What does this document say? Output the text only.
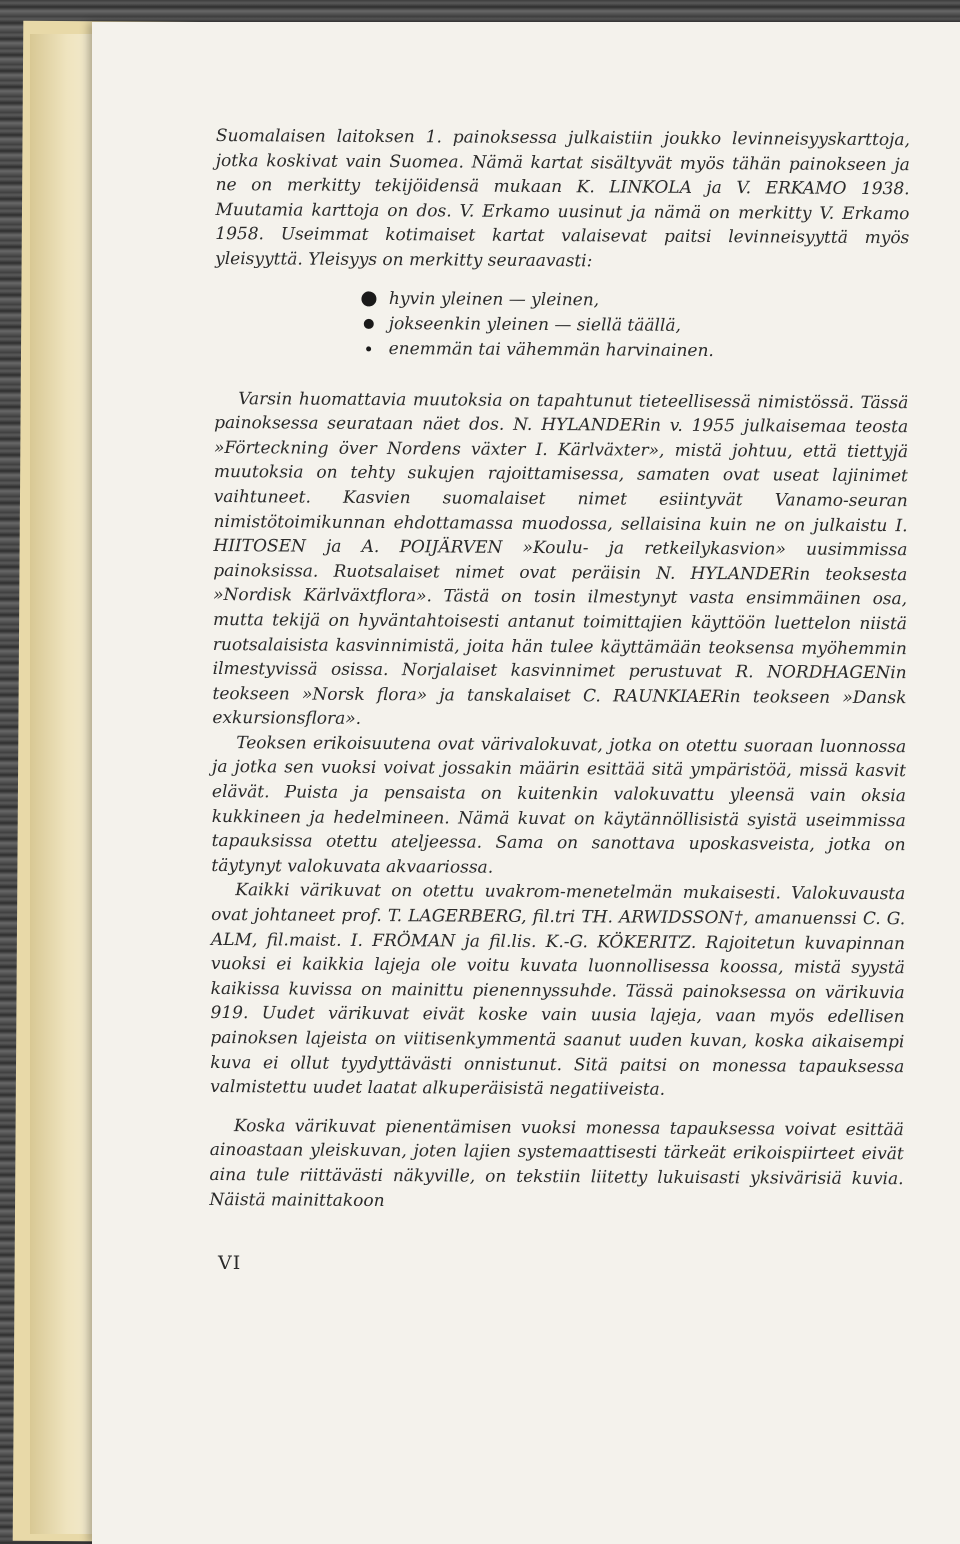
Suomalaisen laitoksen 1. painoksessa julkaistiin joukko levinneisyyskarttoja, jotka koskivat vain Suomea. Nämä kartat sisältyvät myös tähän painokseen ja ne on merkitty tekijöidensä mukaan K. LINKOLA ja V. ERKAMO 1938. Muutamia karttoja on dos. V. Erkamo uusinut ja nämä on merkitty V. Erkamo 1958. Useimmat kotimaiset kartat valaisevat paitsi levinneisyyttä myös yleisyyttä. Yleisyys on merkitty seuraavasti:

hyvin yleinen — yleinen,
jokseenkin yleinen — siellä täällä,
enemmän tai vähemmän harvinainen.

Varsin huomattavia muutoksia on tapahtunut tieteellisessä nimistössä. Tässä painoksessa seurataan näet dos. N. HYLANDERin v. 1955 julkaisemaa teosta »Förteckning över Nordens växter I. Kärlväxter», mistä johtuu, että tiettyjä muutoksia on tehty sukujen rajoittamisessa, samaten ovat useat lajinimet vaihtuneet. Kasvien suomalaiset nimet esiintyvät Vanamo-seuran nimistötoimikunnan ehdottamassa muodossa, sellaisina kuin ne on julkaistu I. HIITOSEN ja A. POIJÄRVEN »Koulu- ja retkeilykasvion» uusimmissa painoksissa. Ruotsalaiset nimet ovat peräisin N. HYLANDERin teoksesta »Nordisk Kärlväxtflora». Tästä on tosin ilmestynyt vasta ensimmäinen osa, mutta tekijä on hyväntahtoisesti antanut toimittajien käyttöön luettelon niistä ruotsalaisista kasvinnimistä, joita hän tulee käyttämään teoksensa myöhemmin ilmestyvissä osissa. Norjalaiset kasvinnimet perustuvat R. NORDHAGENin teokseen »Norsk flora» ja tanskalaiset C. RAUNKIAERin teokseen »Dansk exkursionsflora».

Teoksen erikoisuutena ovat värivalokuvat, jotka on otettu suoraan luonnossa ja jotka sen vuoksi voivat jossakin määrin esittää sitä ympäristöä, missä kasvit elävät. Puista ja pensaista on kuitenkin valokuvattu yleensä vain oksia kukkineen ja hedelmineen. Nämä kuvat on käytännöllisistä syistä useimmissa tapauksissa otettu ateljeessa. Sama on sanottava uposkasveista, jotka on täytynyt valokuvata akvaariossa.

Kaikki värikuvat on otettu uvakrom-menetelmän mukaisesti. Valokuvausta ovat johtaneet prof. T. LAGERBERG, fil.tri TH. ARWIDSSON†, amanuenssi C. G. ALM, fil.maist. I. FRÖMAN ja fil.lis. K.-G. KÖKERITZ. Rajoitetun kuvapinnan vuoksi ei kaikkia lajeja ole voitu kuvata luonnollisessa koossa, mistä syystä kaikissa kuvissa on mainittu pienennyssuhde. Tässä painoksessa on värikuvia 919. Uudet värikuvat eivät koske vain uusia lajeja, vaan myös edellisen painoksen lajeista on viitisenkymmentä saanut uuden kuvan, koska aikaisempi kuva ei ollut tyydyttävästi onnistunut. Sitä paitsi on monessa tapauksessa valmistettu uudet laatat alkuperäisistä negatiiveista.

Koska värikuvat pienentämisen vuoksi monessa tapauksessa voivat esittää ainoastaan yleiskuvan, joten lajien systemaattisesti tärkeät erikoispiirteet eivät aina tule riittävästi näkyville, on tekstiin liitetty lukuisasti yksivärisiä kuvia. Näistä mainittakoon

VI
